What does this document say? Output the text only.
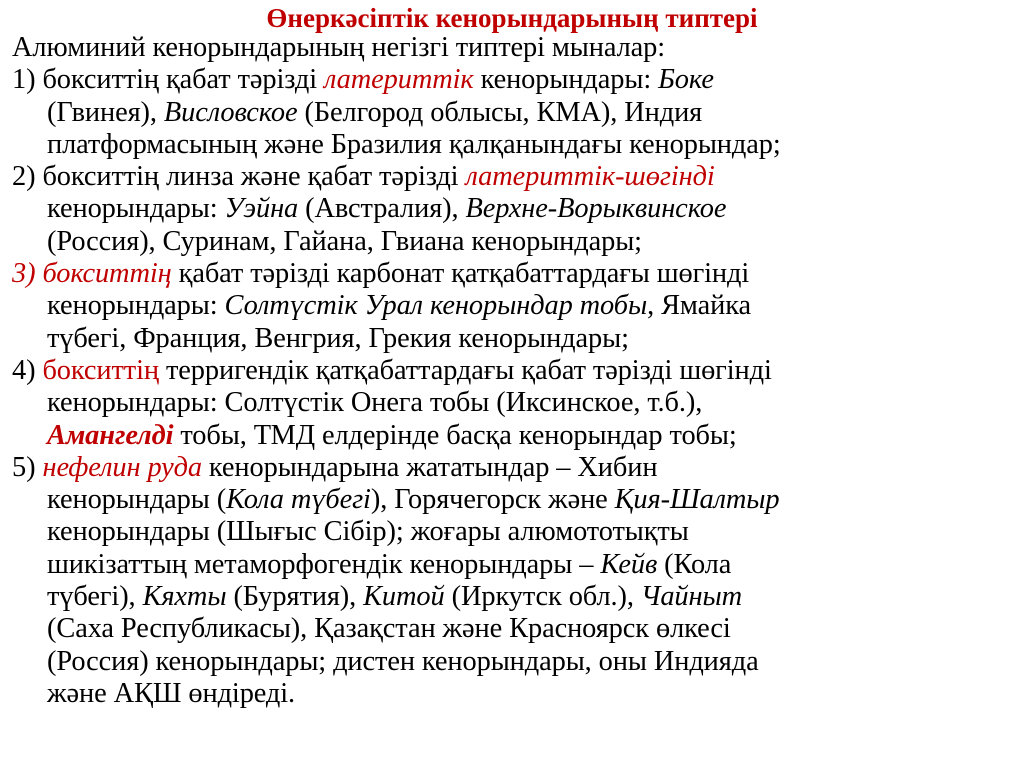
Өнеркәсіптік кенорындарының типтері
Алюминий кенорындарының негізгі типтері мыналар:
1) бокситтің қабат тәрізді латериттік кенорындары: Боке
(Гвинея), Висловское (Белгород облысы, КМА), Индия
платформасының және Бразилия қалқанындағы кенорындар;
2) бокситтің линза және қабат тәрізді латериттік-шөгінді
кенорындары: Уэйна (Австралия), Верхне-Ворыквинское
(Россия), Суринам, Гайана, Гвиана кенорындары;
3) бокситтің қабат тәрізді карбонат қатқабаттардағы шөгінді
кенорындары: Солтүстік Урал кенорындар тобы, Ямайка
түбегі, Франция, Венгрия, Грекия кенорындары;
4) бокситтің терригендік қатқабаттардағы қабат тәрізді шөгінді
кенорындары: Солтүстік Онега тобы (Иксинское, т.б.),
Амангелді тобы, ТМД елдерінде басқа кенорындар тобы;
5) нефелин руда кенорындарына жататындар – Хибин
кенорындары (Кола түбегі), Горячегорск және Қия-Шалтыр
кенорындары (Шығыс Сібір); жоғары алюмототықты
шикізаттың метаморфогендік кенорындары – Кейв (Кола
түбегі), Кяхты (Бурятия), Китой (Иркутск обл.), Чайныт
(Саха Республикасы), Қазақстан және Красноярск өлкесі
(Россия) кенорындары; дистен кенорындары, оны Индияда
және АҚШ өндіреді.
